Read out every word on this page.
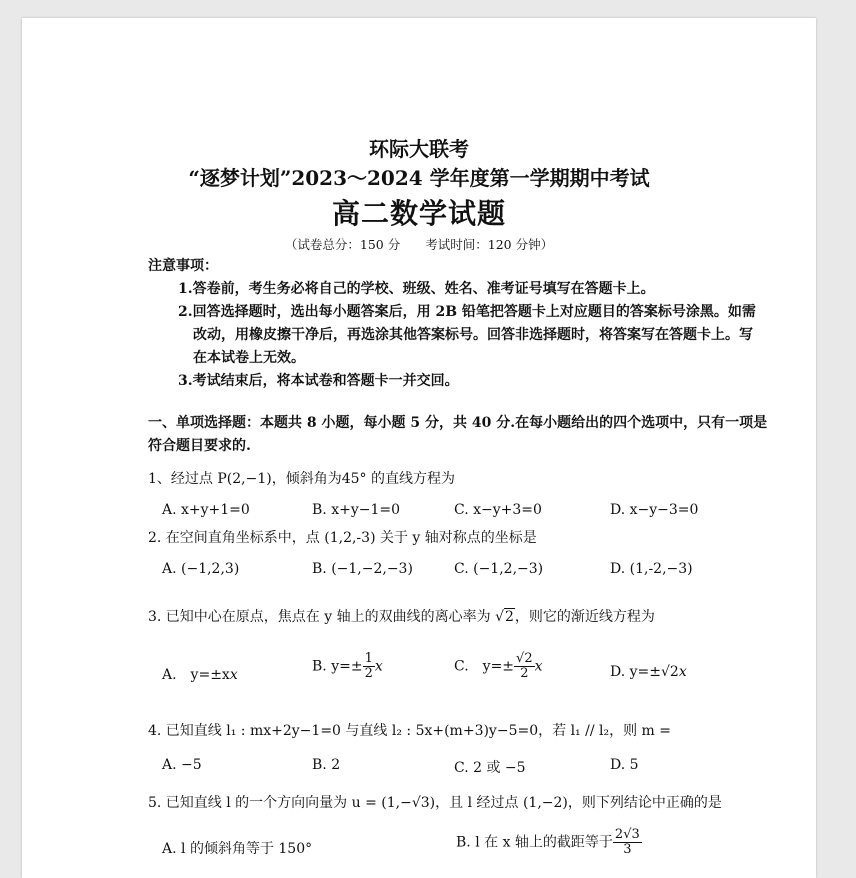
环际大联考
“逐梦计划”2023～2024 学年度第一学期期中考试
高二数学试题
（试卷总分：150 分　　考试时间：120 分钟）
注意事项：
1.答卷前，考生务必将自己的学校、班级、姓名、准考证号填写在答题卡上。
2.回答选择题时，选出每小题答案后，用 2B 铅笔把答题卡上对应题目的答案标号涂黑。如需
改动，用橡皮擦干净后，再选涂其他答案标号。回答非选择题时，将答案写在答题卡上。写
在本试卷上无效。
3.考试结束后，将本试卷和答题卡一并交回。
一、单项选择题：本题共 8 小题，每小题 5 分，共 40 分.在每小题给出的四个选项中，只有一项是
符合题目要求的.
1、经过点 P(2,−1)，倾斜角为45° 的直线方程为
A. x+y+1=0	B. x+y−1=0	C. x−y+3=0	D. x−y−3=0
2. 在空间直角坐标系中，点 (1,2,-3) 关于 y 轴对称点的坐标是
A. (−1,2,3)	B. (−1,−2,−3)	C. (−1,2,−3)	D. (1,-2,−3)
3. 已知中心在原点，焦点在 y 轴上的双曲线的离心率为 √2，则它的渐近线方程为
A.　y=±xx
B. $y=\pm \frac{1}{2}$ x	C.　$y=\pm \frac{√2}{2}$ x	D. y=±√2x
4. 已知直线 l₁ : mx+2y−1=0 与直线 l₂ : 5x+(m+3)y−5=0，若 l₁ // l₂，则 m =
A. −5	B. 2	C. 2 或 −5	D. 5
5. 已知直线 l 的一个方向向量为 u = (1,−√3)，且 l 经过点 (1,−2)，则下列结论中正确的是
A. l 的倾斜角等于 150°	B. l 在 x 轴上的截距等于 $\frac{2√3}{3}$
